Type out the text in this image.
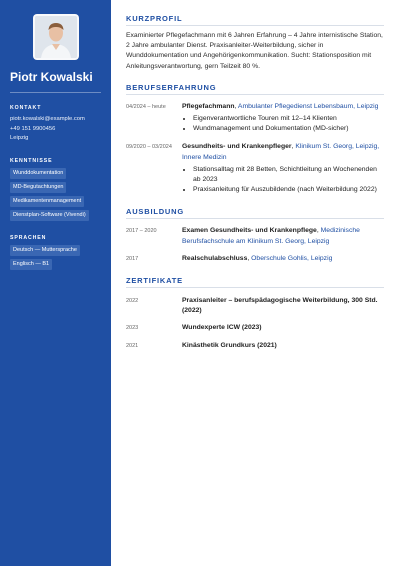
Piotr Kowalski
KONTAKT
piotr.kowalski@example.com
+49 151 9900456
Leipzig
KENNTNISSE
Wunddokumentation
MD-Begutachtungen
Medikamentenmanagement
Dienstplan-Software (Vivendi)
SPRACHEN
Deutsch — Muttersprache
Englisch — B1
KURZPROFIL
Examinierter Pflegefachmann mit 6 Jahren Erfahrung – 4 Jahre internistische Station, 2 Jahre ambulanter Dienst. Praxisanleiter-Weiterbildung, sicher in Wunddokumentation und Angehörigenkommunikation. Sucht: Stationsposition mit Anleitungsverantwortung, gern Teilzeit 80 %.
BERUFSERFAHRUNG
04/2024 – heute	Pflegefachmann, Ambulanter Pflegedienst Lebensbaum, Leipzig
• Eigenverantwortliche Touren mit 12–14 Klienten
• Wundmanagement und Dokumentation (MD-sicher)
09/2020 – 03/2024	Gesundheits- und Krankenpfleger, Klinikum St. Georg, Leipzig, Innere Medizin
• Stationsalltag mit 28 Betten, Schichtleitung an Wochenenden ab 2023
• Praxisanleitung für Auszubildende (nach Weiterbildung 2022)
AUSBILDUNG
2017 – 2020	Examen Gesundheits- und Krankenpflege, Medizinische Berufsfachschule am Klinikum St. Georg, Leipzig
2017	Realschulabschluss, Oberschule Gohlis, Leipzig
ZERTIFIKATE
2022	Praxisanleiter – berufspädagogische Weiterbildung, 300 Std. (2022)
2023	Wundexperte ICW (2023)
2021	Kinästhetik Grundkurs (2021)
